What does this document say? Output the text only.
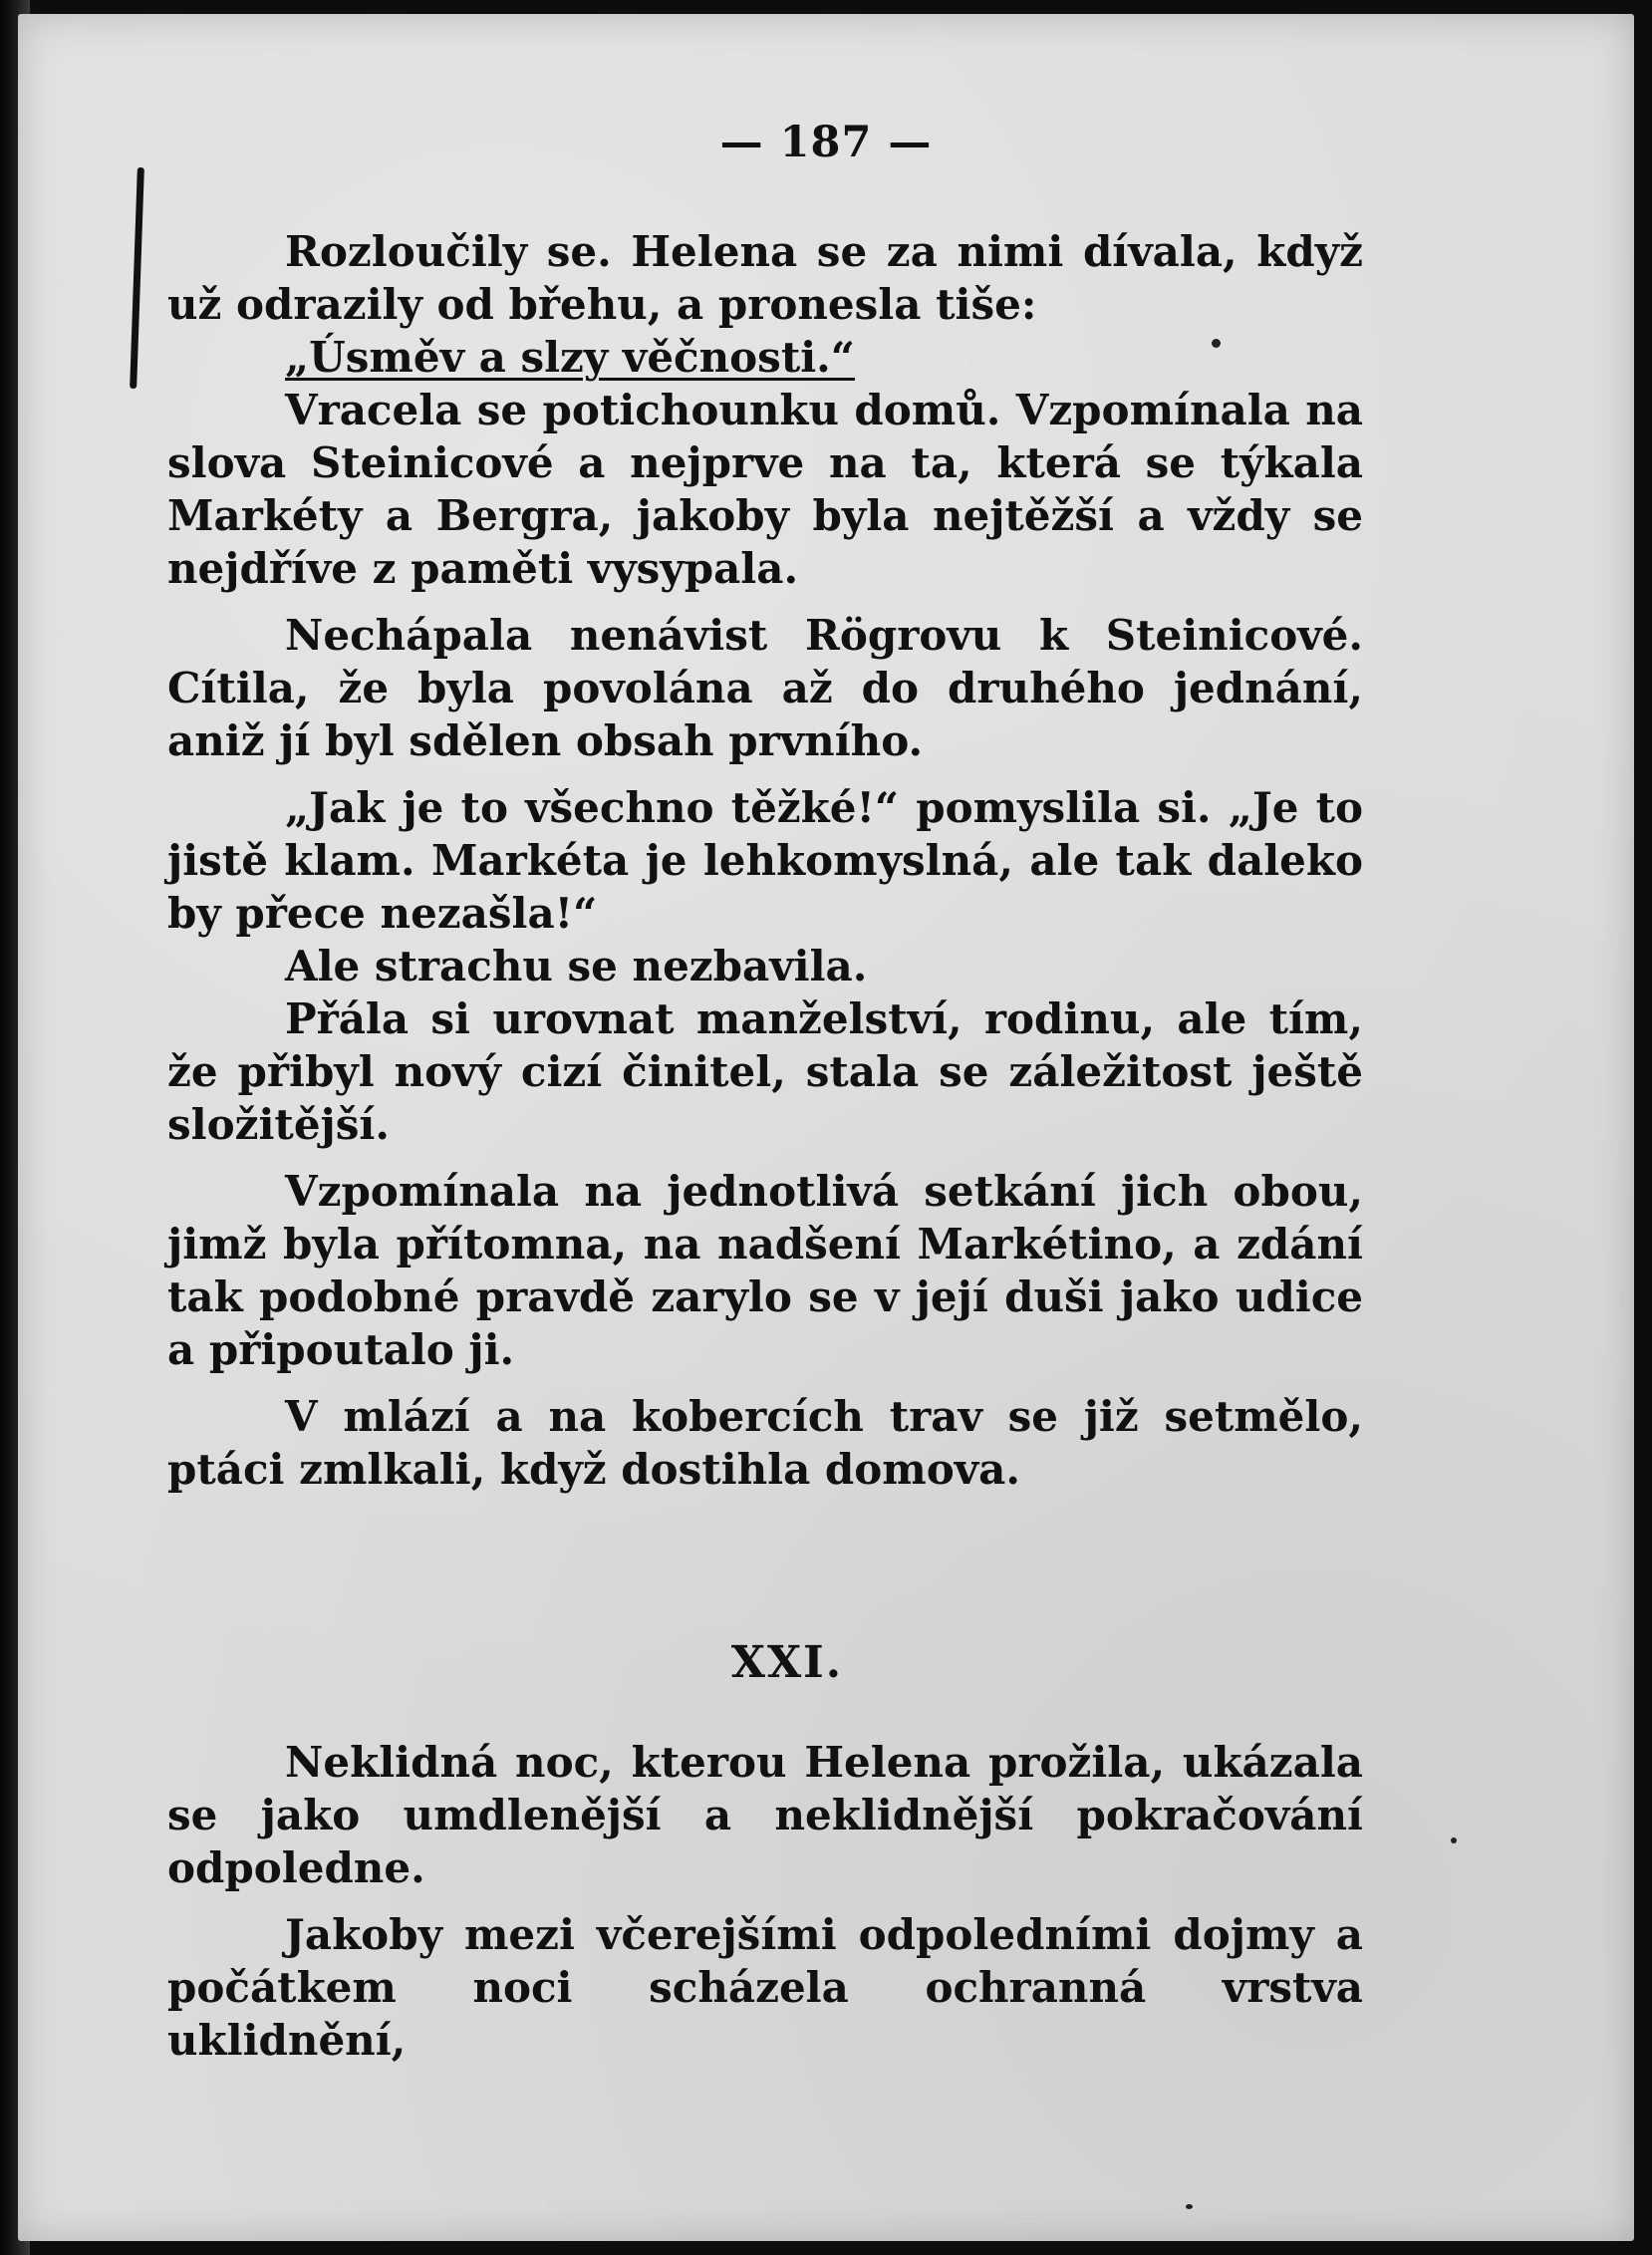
— 187 —

Rozloučily se. Helena se za nimi dívala, když už odrazily od břehu, a pronesla tiše:

„Úsměv a slzy věčnosti.“

Vracela se potichounku domů. Vzpomínala na slova Steinicové a nejprve na ta, která se týkala Markéty a Bergra, jakoby byla nejtěžší a vždy se nejdříve z paměti vysypala.

Nechápala nenávist Rögrovu k Steinicové. Cítila, že byla povolána až do druhého jednání, aniž jí byl sdělen obsah prvního.

„Jak je to všechno těžké!“ pomyslila si. „Je to jistě klam. Markéta je lehkomyslná, ale tak daleko by přece nezašla!“

Ale strachu se nezbavila.

Přála si urovnat manželství, rodinu, ale tím, že přibyl nový cizí činitel, stala se záležitost ještě složitější.

Vzpomínala na jednotlivá setkání jich obou, jimž byla přítomna, na nadšení Markétino, a zdání tak podobné pravdě zarylo se v její duši jako udice a připoutalo ji.

V mlází a na kobercích trav se již setmělo, ptáci zmlkali, když dostihla domova.

XXI.

Neklidná noc, kterou Helena prožila, ukázala se jako umdlenější a neklidnější pokračování odpoledne.

Jakoby mezi včerejšími odpoledními dojmy a počátkem noci scházela ochranná vrstva uklidnění,
